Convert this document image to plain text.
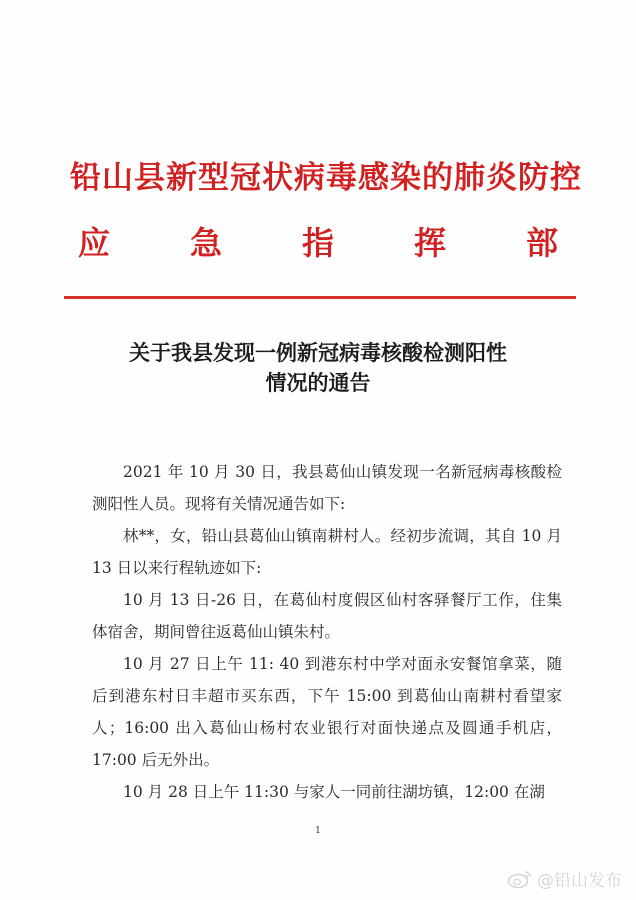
铅山县新型冠状病毒感染的肺炎防控
应 急 指 挥 部
关于我县发现一例新冠病毒核酸检测阳性
情况的通告

2021 年 10 月 30 日，我县葛仙山镇发现一名新冠病毒核酸检测阳性人员。现将有关情况通告如下:

林**，女，铅山县葛仙山镇南耕村人。经初步流调，其自 10 月 13 日以来行程轨迹如下:

10 月 13 日-26 日，在葛仙村度假区仙村客驿餐厅工作，住集体宿舍，期间曾往返葛仙山镇朱村。

10 月 27 日上午 11: 40 到港东村中学对面永安餐馆拿菜，随后到港东村日丰超市买东西，下午 15:00 到葛仙山南耕村看望家人；16:00 出入葛仙山杨村农业银行对面快递点及圆通手机店，17:00 后无外出。

10 月 28 日上午 11:30 与家人一同前往湖坊镇，12:00 在湖

1
@铅山发布
